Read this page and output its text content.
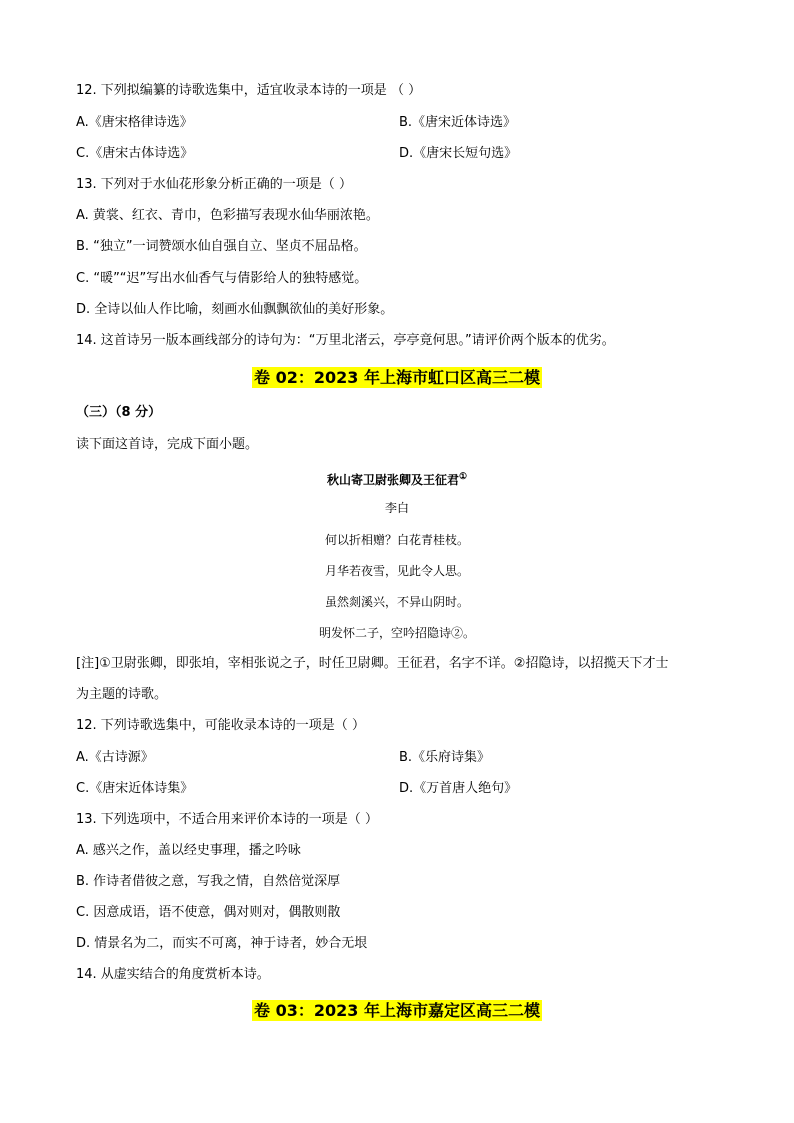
12. 下列拟编纂的诗歌选集中，适宜收录本诗的一项是 （ ）
A.《唐宋格律诗选》	B.《唐宋近体诗选》
C.《唐宋古体诗选》	D.《唐宋长短句选》
13. 下列对于水仙花形象分析正确的一项是（ ）
A. 黄裳、红衣、青巾，色彩描写表现水仙华丽浓艳。
B. “独立”一词赞颂水仙自强自立、坚贞不屈品格。
C. “暖”“迟”写出水仙香气与倩影给人的独特感觉。
D. 全诗以仙人作比喻，刻画水仙飘飘欲仙的美好形象。
14. 这首诗另一版本画线部分的诗句为：“万里北渚云，亭亭竟何思。”请评价两个版本的优劣。
卷 02：2023 年上海市虹口区高三二模
（三）（8 分）
读下面这首诗，完成下面小题。
秋山寄卫尉张卿及王征君①
李白
何以折相赠？白花青桂枝。
月华若夜雪，见此令人思。
虽然剡溪兴，不异山阴时。
明发怀二子，空吟招隐诗②。
[注]①卫尉张卿，即张垍，宰相张说之子，时任卫尉卿。王征君，名字不详。②招隐诗，以招揽天下才士
为主题的诗歌。
12. 下列诗歌选集中，可能收录本诗的一项是（ ）
A.《古诗源》	B.《乐府诗集》
C.《唐宋近体诗集》	D.《万首唐人绝句》
13. 下列选项中，不适合用来评价本诗的一项是（ ）
A. 感兴之作，盖以经史事理，播之吟咏
B. 作诗者借彼之意，写我之情，自然倍觉深厚
C. 因意成语，语不使意，偶对则对，偶散则散
D. 情景名为二，而实不可离，神于诗者，妙合无垠
14. 从虚实结合的角度赏析本诗。
卷 03：2023 年上海市嘉定区高三二模
